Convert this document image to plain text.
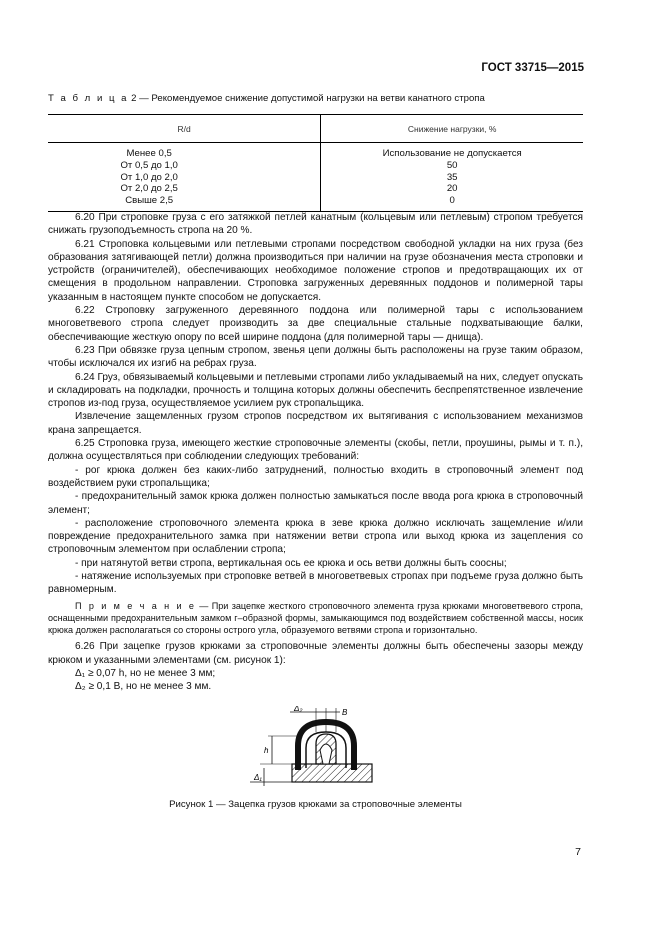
ГОСТ 33715—2015
Т а б л и ц а 2 — Рекомендуемое снижение допустимой нагрузки на ветви канатного стропа
R/d	Снижение нагрузки, %
Менее 0,5	Использование не допускается
От 0,5 до 1,0	50
От 1,0 до 2,0	35
От 2,0 до 2,5	20
Свыше 2,5	0

6.20 При строповке груза с его затяжкой петлей канатным (кольцевым или петлевым) стропом требуется снижать грузоподъемность стропа на 20 %.

6.21 Строповка кольцевыми или петлевыми стропами посредством свободной укладки на них груза (без образования затягивающей петли) должна производиться при наличии на грузе обозначения места строповки и устройств (ограничителей), обеспечивающих необходимое положение стропов и предотвращающих их от смещения в продольном направлении. Строповка загруженных деревянных поддонов и полимерной тары указанным в настоящем пункте способом не допускается.

6.22 Строповку загруженного деревянного поддона или полимерной тары с использованием многоветвевого стропа следует производить за две специальные стальные подхватывающие балки, обеспечивающие жесткую опору по всей ширине поддона (для полимерной тары — днища).

6.23 При обвязке груза цепным стропом, звенья цепи должны быть расположены на грузе таким образом, чтобы исключался их изгиб на ребрах груза.

6.24 Груз, обвязываемый кольцевыми и петлевыми стропами либо укладываемый на них, следует опускать и складировать на подкладки, прочность и толщина которых должны обеспечить беспрепятственное извлечение стропов из-под груза, осуществляемое усилием рук стропальщика.

Извлечение защемленных грузом стропов посредством их вытягивания с использованием механизмов крана запрещается.

6.25 Строповка груза, имеющего жесткие строповочные элементы (скобы, петли, проушины, рымы и т. п.), должна осуществляться при соблюдении следующих требований:

- рог крюка должен без каких-либо затруднений, полностью входить в строповочный элемент под воздействием руки стропальщика;

- предохранительный замок крюка должен полностью замыкаться после ввода рога крюка в строповочный элемент;

- расположение строповочного элемента крюка в зеве крюка должно исключать защемление и/или повреждение предохранительного замка при натяжении ветви стропа или выход крюка из зацепления со строповочным элементом при ослаблении стропа;

- при натянутой ветви стропа, вертикальная ось ее крюка и ось ветви должны быть соосны;

- натяжение используемых при строповке ветвей в многоветвевых стропах при подъеме груза должно быть равномерным.

П р и м е ч а н и е — При зацепке жесткого строповочного элемента груза крюками многоветвевого стропа, оснащенными предохранительным замком г–образной формы, замыкающимся под воздействием собственной массы, носик крюка должен располагаться со стороны острого угла, образуемого ветвями стропа и горизонтально.

6.26 При зацепке грузов крюками за строповочные элементы должны быть обеспечены зазоры между крюком и указанными элементами (см. рисунок 1):

Δ₁ ≥ 0,07 h, но не менее 3 мм;

Δ₂ ≥ 0,1 B, но не менее 3 мм.

Δ₂	B
h
Δ₁
Рисунок 1 — Зацепка грузов крюками за строповочные элементы
7
